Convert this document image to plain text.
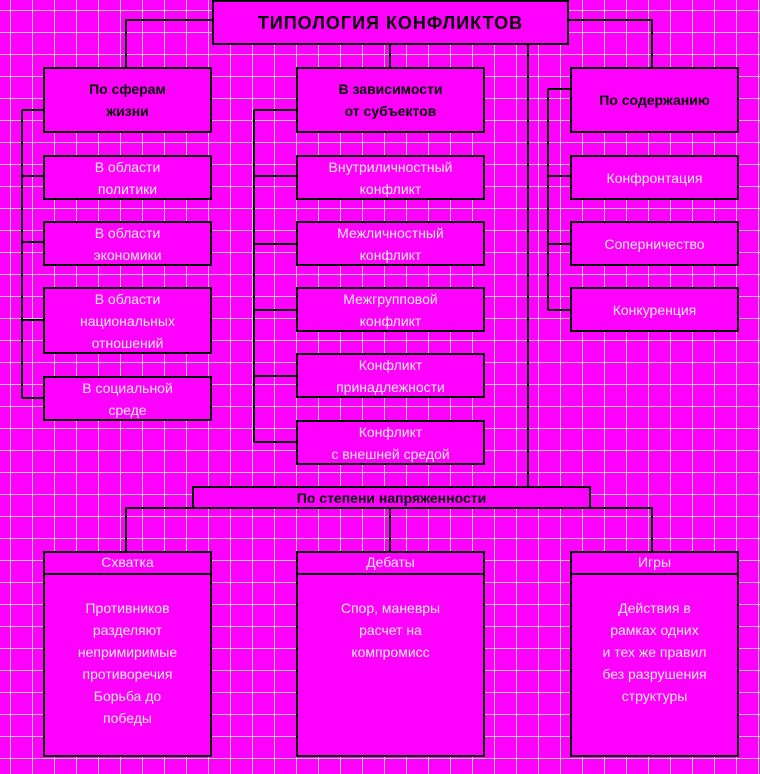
ТИПОЛОГИЯ КОНФЛИКТОВ
По сферам
жизни
В зависимости
от субъектов
По содержанию
В области
политики
В области
экономики
В области
национальных
отношений
В социальной
среде
Внутриличностный
конфликт
Межличностный
конфликт
Межгрупповой
конфликт
Конфликт
принадлежности
Конфликт
с внешней средой
Конфронтация
Соперничество
Конкуренция
По степени напряженности
Схватка
Противников
разделяют
непримиримые
противоречия
Борьба до
победы
Дебаты
Спор, маневры
расчет на
компромисс
Игры
Действия в
рамках одних
и тех же правил
без разрушения
структуры
